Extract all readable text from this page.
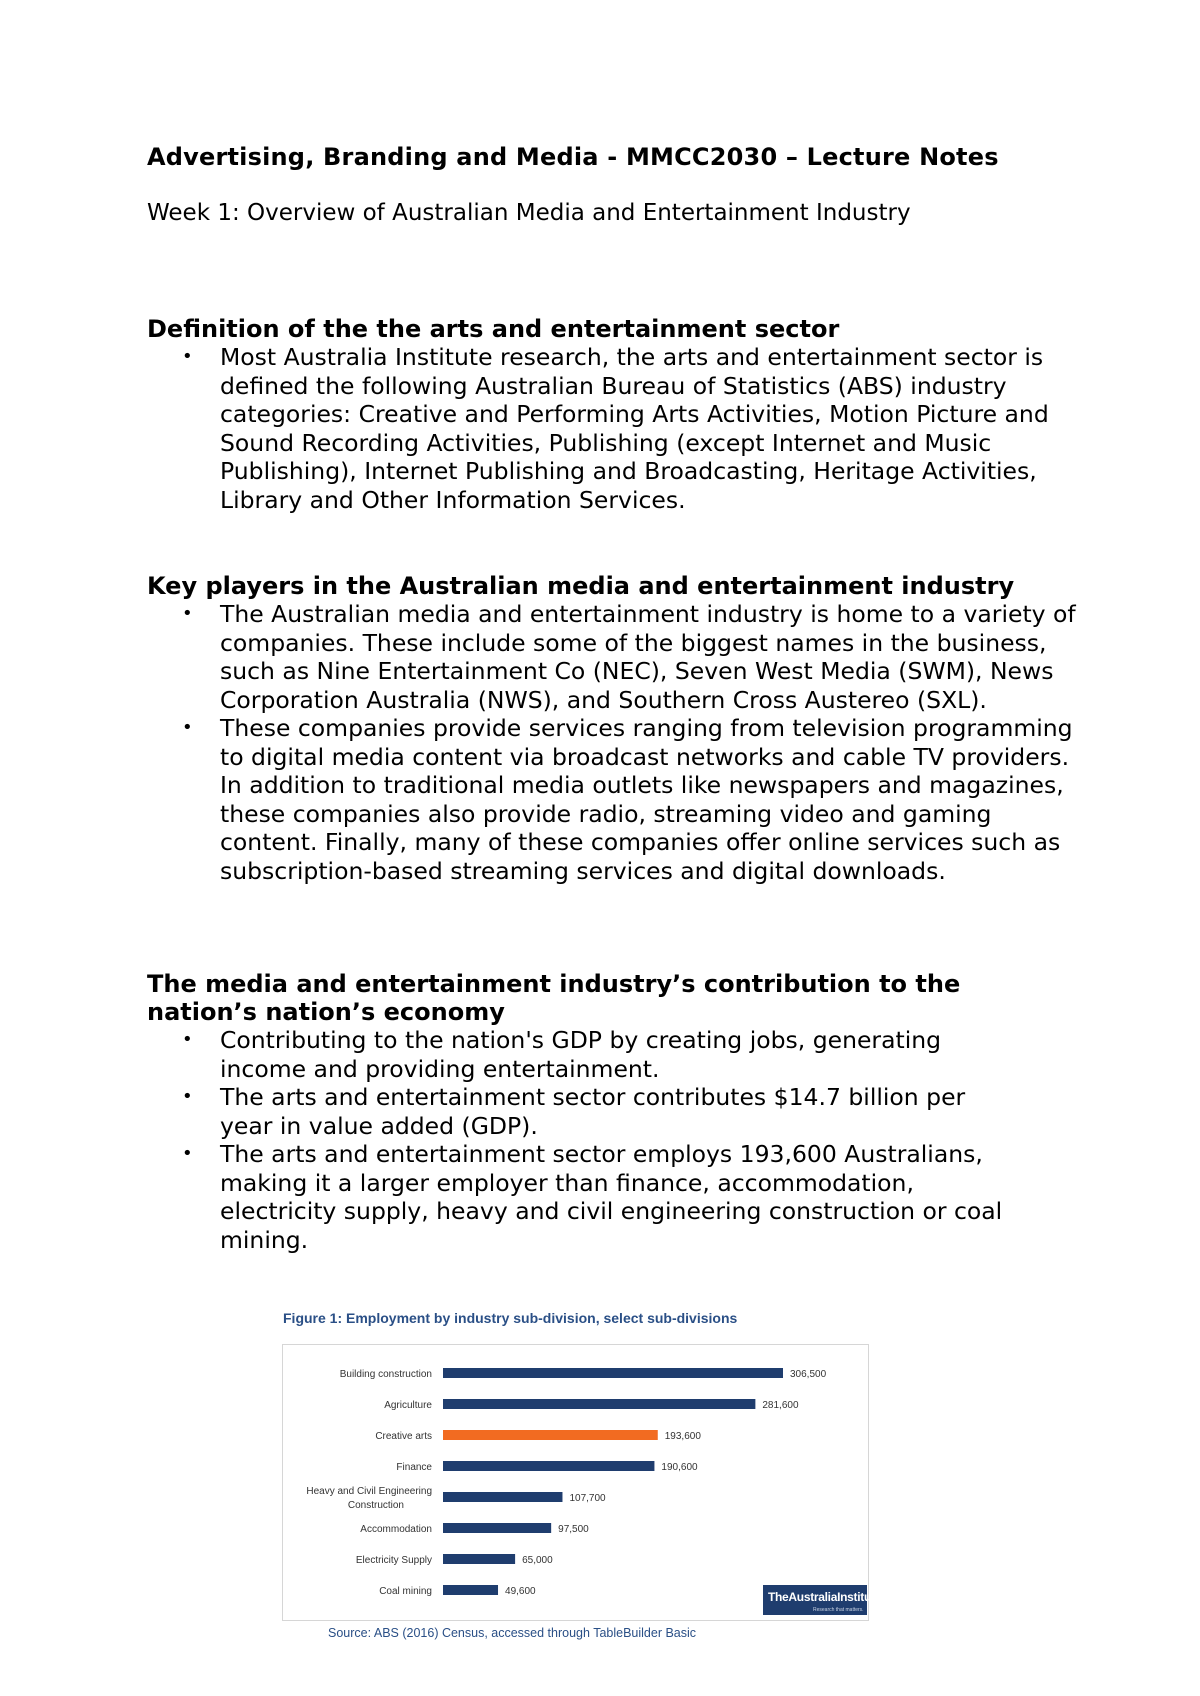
Advertising, Branding and Media - MMCC2030 – Lecture Notes
Week 1: Overview of Australian Media and Entertainment Industry
Definition of the the arts and entertainment sector
• Most Australia Institute research, the arts and entertainment sector is defined the following Australian Bureau of Statistics (ABS) industry categories: Creative and Performing Arts Activities, Motion Picture and Sound Recording Activities, Publishing (except Internet and Music Publishing), Internet Publishing and Broadcasting, Heritage Activities, Library and Other Information Services.
Key players in the Australian media and entertainment industry
• The Australian media and entertainment industry is home to a variety of companies. These include some of the biggest names in the business, such as Nine Entertainment Co (NEC), Seven West Media (SWM), News Corporation Australia (NWS), and Southern Cross Austereo (SXL).
• These companies provide services ranging from television programming to digital media content via broadcast networks and cable TV providers. In addition to traditional media outlets like newspapers and magazines, these companies also provide radio, streaming video and gaming content. Finally, many of these companies offer online services such as subscription-based streaming services and digital downloads.
The media and entertainment industry’s contribution to the nation’s nation’s economy
• Contributing to the nation's GDP by creating jobs, generating income and providing entertainment.
• The arts and entertainment sector contributes $14.7 billion per year in value added (GDP).
• The arts and entertainment sector employs 193,600 Australians, making it a larger employer than finance, accommodation, electricity supply, heavy and civil engineering construction or coal mining.
Figure 1: Employment by industry sub-division, select sub-divisions
Building construction	306,500
Agriculture	281,600
Creative arts	193,600
Finance	190,600
Heavy and Civil Engineering Construction
107,700
Accommodation	97,500
Electricity Supply	65,000
Coal mining	49,600	TheAustraliaInstitute
Research that matters.
Source: ABS (2016) Census, accessed through TableBuilder Basic
